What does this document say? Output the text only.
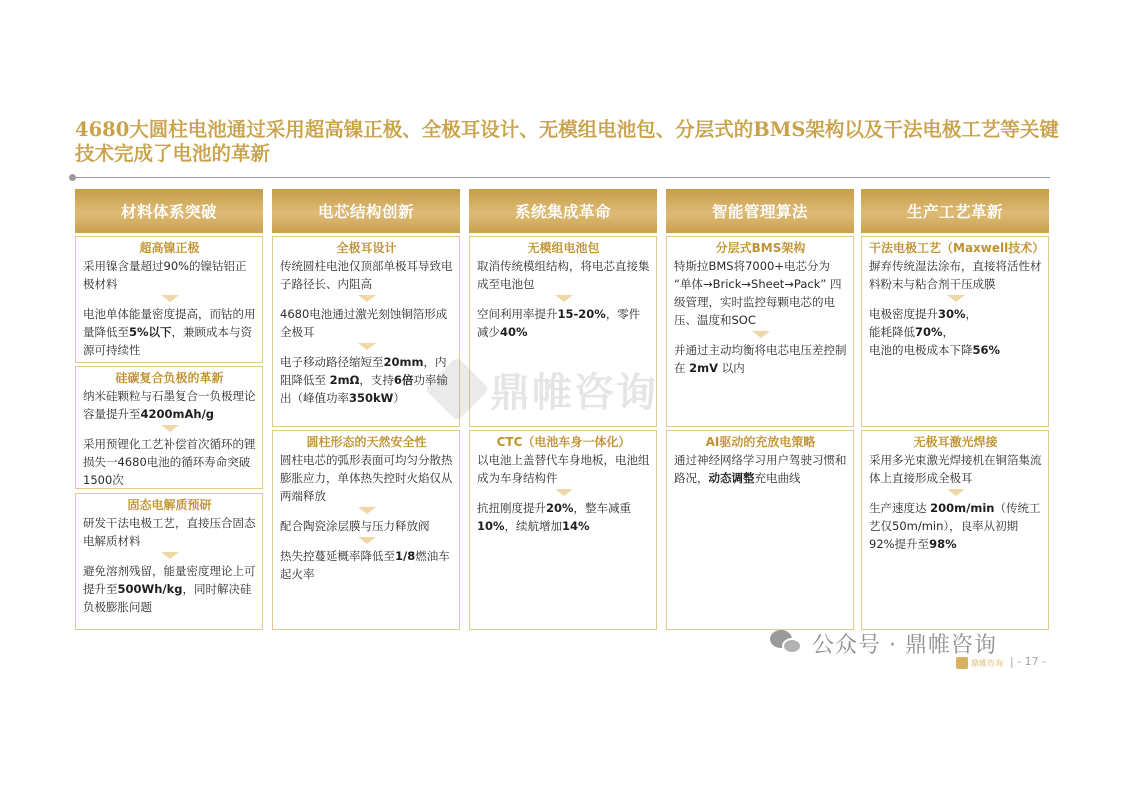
4680大圆柱电池通过采用超高镍正极、全极耳设计、无模组电池包、分层式的BMS架构以及干法电极工艺等关键技术完成了电池的革新
材料体系突破	电芯结构创新	系统集成革命	智能管理算法	生产工艺革新
超高镍正极
采用镍含量超过90%的镍钴铝正极材料
电池单体能量密度提高，而钴的用量降低至5%以下，兼顾成本与资源可持续性
硅碳复合负极的革新
纳米硅颗粒与石墨复合一负极理论容量提升至4200mAh/g
采用预锂化工艺补偿首次循环的锂损失一4680电池的循环寿命突破1500次
固态电解质预研
研发干法电极工艺，直接压合固态电解质材料
避免溶剂残留，能量密度理论上可提升至500Wh/kg，同时解决硅负极膨胀问题
全极耳设计
传统圆柱电池仅顶部单极耳导致电子路径长、内阻高
4680电池通过激光刻蚀铜箔形成全极耳
电子移动路径缩短至20mm，内阻降低至 2mΩ，支持6倍功率输出（峰值功率350kW）
圆柱形态的天然安全性
圆柱电芯的弧形表面可均匀分散热膨胀应力，单体热失控时火焰仅从两端释放
配合陶瓷涂层膜与压力释放阀
热失控蔓延概率降低至1/8燃油车起火率
无模组电池包
取消传统模组结构，将电芯直接集成至电池包
空间利用率提升15-20%，零件减少40%
CTC（电池车身一体化）
以电池上盖替代车身地板，电池组成为车身结构件
抗扭刚度提升20%，整车减重 10%，续航增加14%
分层式BMS架构
特斯拉BMS将7000+电芯分为 “单体→Brick→Sheet→Pack” 四级管理，实时监控每颗电芯的电压、温度和SOC
并通过主动均衡将电芯电压差控制在 2mV 以内
AI驱动的充放电策略
通过神经网络学习用户驾驶习惯和路况，动态调整充电曲线
干法电极工艺（Maxwell技术）
摒弃传统湿法涂布，直接将活性材料粉末与粘合剂干压成膜
电极密度提升30%，
能耗降低70%，
电池的电极成本下降56%
无极耳激光焊接
采用多光束激光焊接机在铜箔集流体上直接形成全极耳
生产速度达 200m/min（传统工艺仅50m/min），良率从初期92%提升至98%
公众号 · 鼎帷咨询
鼎帷咨询 | - 17 -
